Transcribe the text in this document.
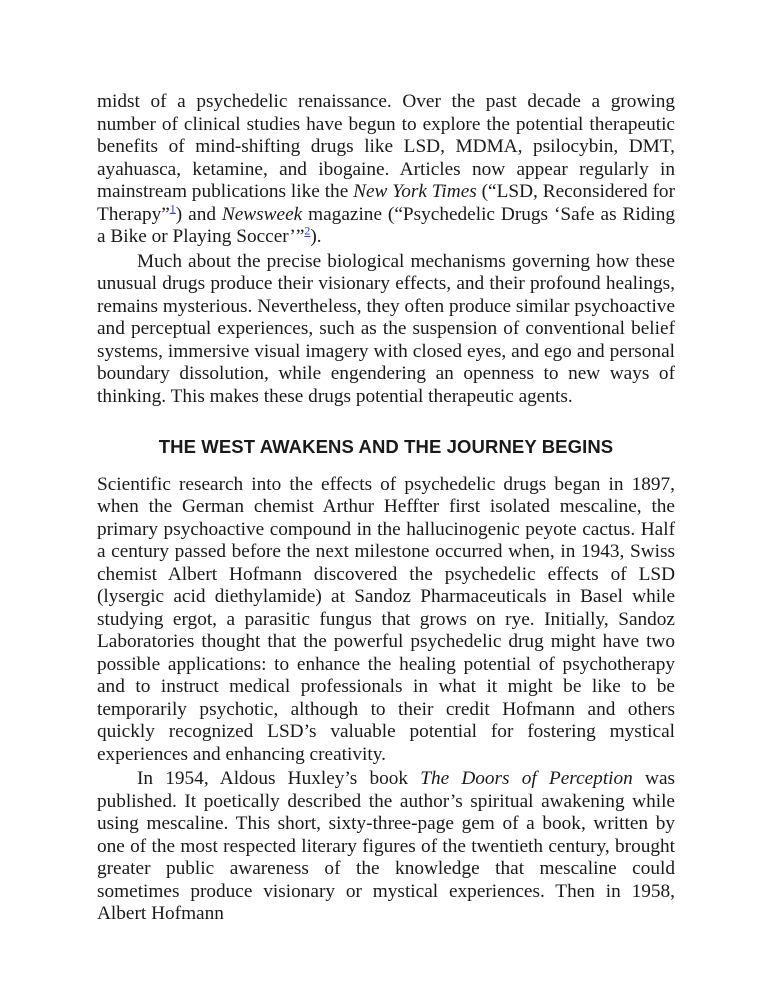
midst of a psychedelic renaissance. Over the past decade a growing number of clinical studies have begun to explore the potential therapeutic benefits of mind-shifting drugs like LSD, MDMA, psilocybin, DMT, ayahuasca, ketamine, and ibogaine. Articles now appear regularly in mainstream publications like the New York Times (“LSD, Reconsidered for Therapy”$^1$) and Newsweek magazine (“Psychedelic Drugs ‘Safe as Riding a Bike or Playing Soccer’”$^2$).

Much about the precise biological mechanisms governing how these unusual drugs produce their visionary effects, and their profound healings, remains mysterious. Nevertheless, they often produce similar psychoactive and perceptual experiences, such as the suspension of conventional belief systems, immersive visual imagery with closed eyes, and ego and personal boundary dissolution, while engendering an openness to new ways of thinking. This makes these drugs potential therapeutic agents.

THE WEST AWAKENS AND THE JOURNEY BEGINS

Scientific research into the effects of psychedelic drugs began in 1897, when the German chemist Arthur Heffter first isolated mescaline, the primary psychoactive compound in the hallucinogenic peyote cactus. Half a century passed before the next milestone occurred when, in 1943, Swiss chemist Albert Hofmann discovered the psychedelic effects of LSD (lysergic acid diethylamide) at Sandoz Pharmaceuticals in Basel while studying ergot, a parasitic fungus that grows on rye. Initially, Sandoz Laboratories thought that the powerful psychedelic drug might have two possible applications: to enhance the healing potential of psychotherapy and to instruct medical professionals in what it might be like to be temporarily psychotic, although to their credit Hofmann and others quickly recognized LSD’s valuable potential for fostering mystical experiences and enhancing creativity.

In 1954, Aldous Huxley’s book The Doors of Perception was published. It poetically described the author’s spiritual awakening while using mescaline. This short, sixty-three-page gem of a book, written by one of the most respected literary figures of the twentieth century, brought greater public awareness of the knowledge that mescaline could sometimes produce visionary or mystical experiences. Then in 1958, Albert Hofmann
